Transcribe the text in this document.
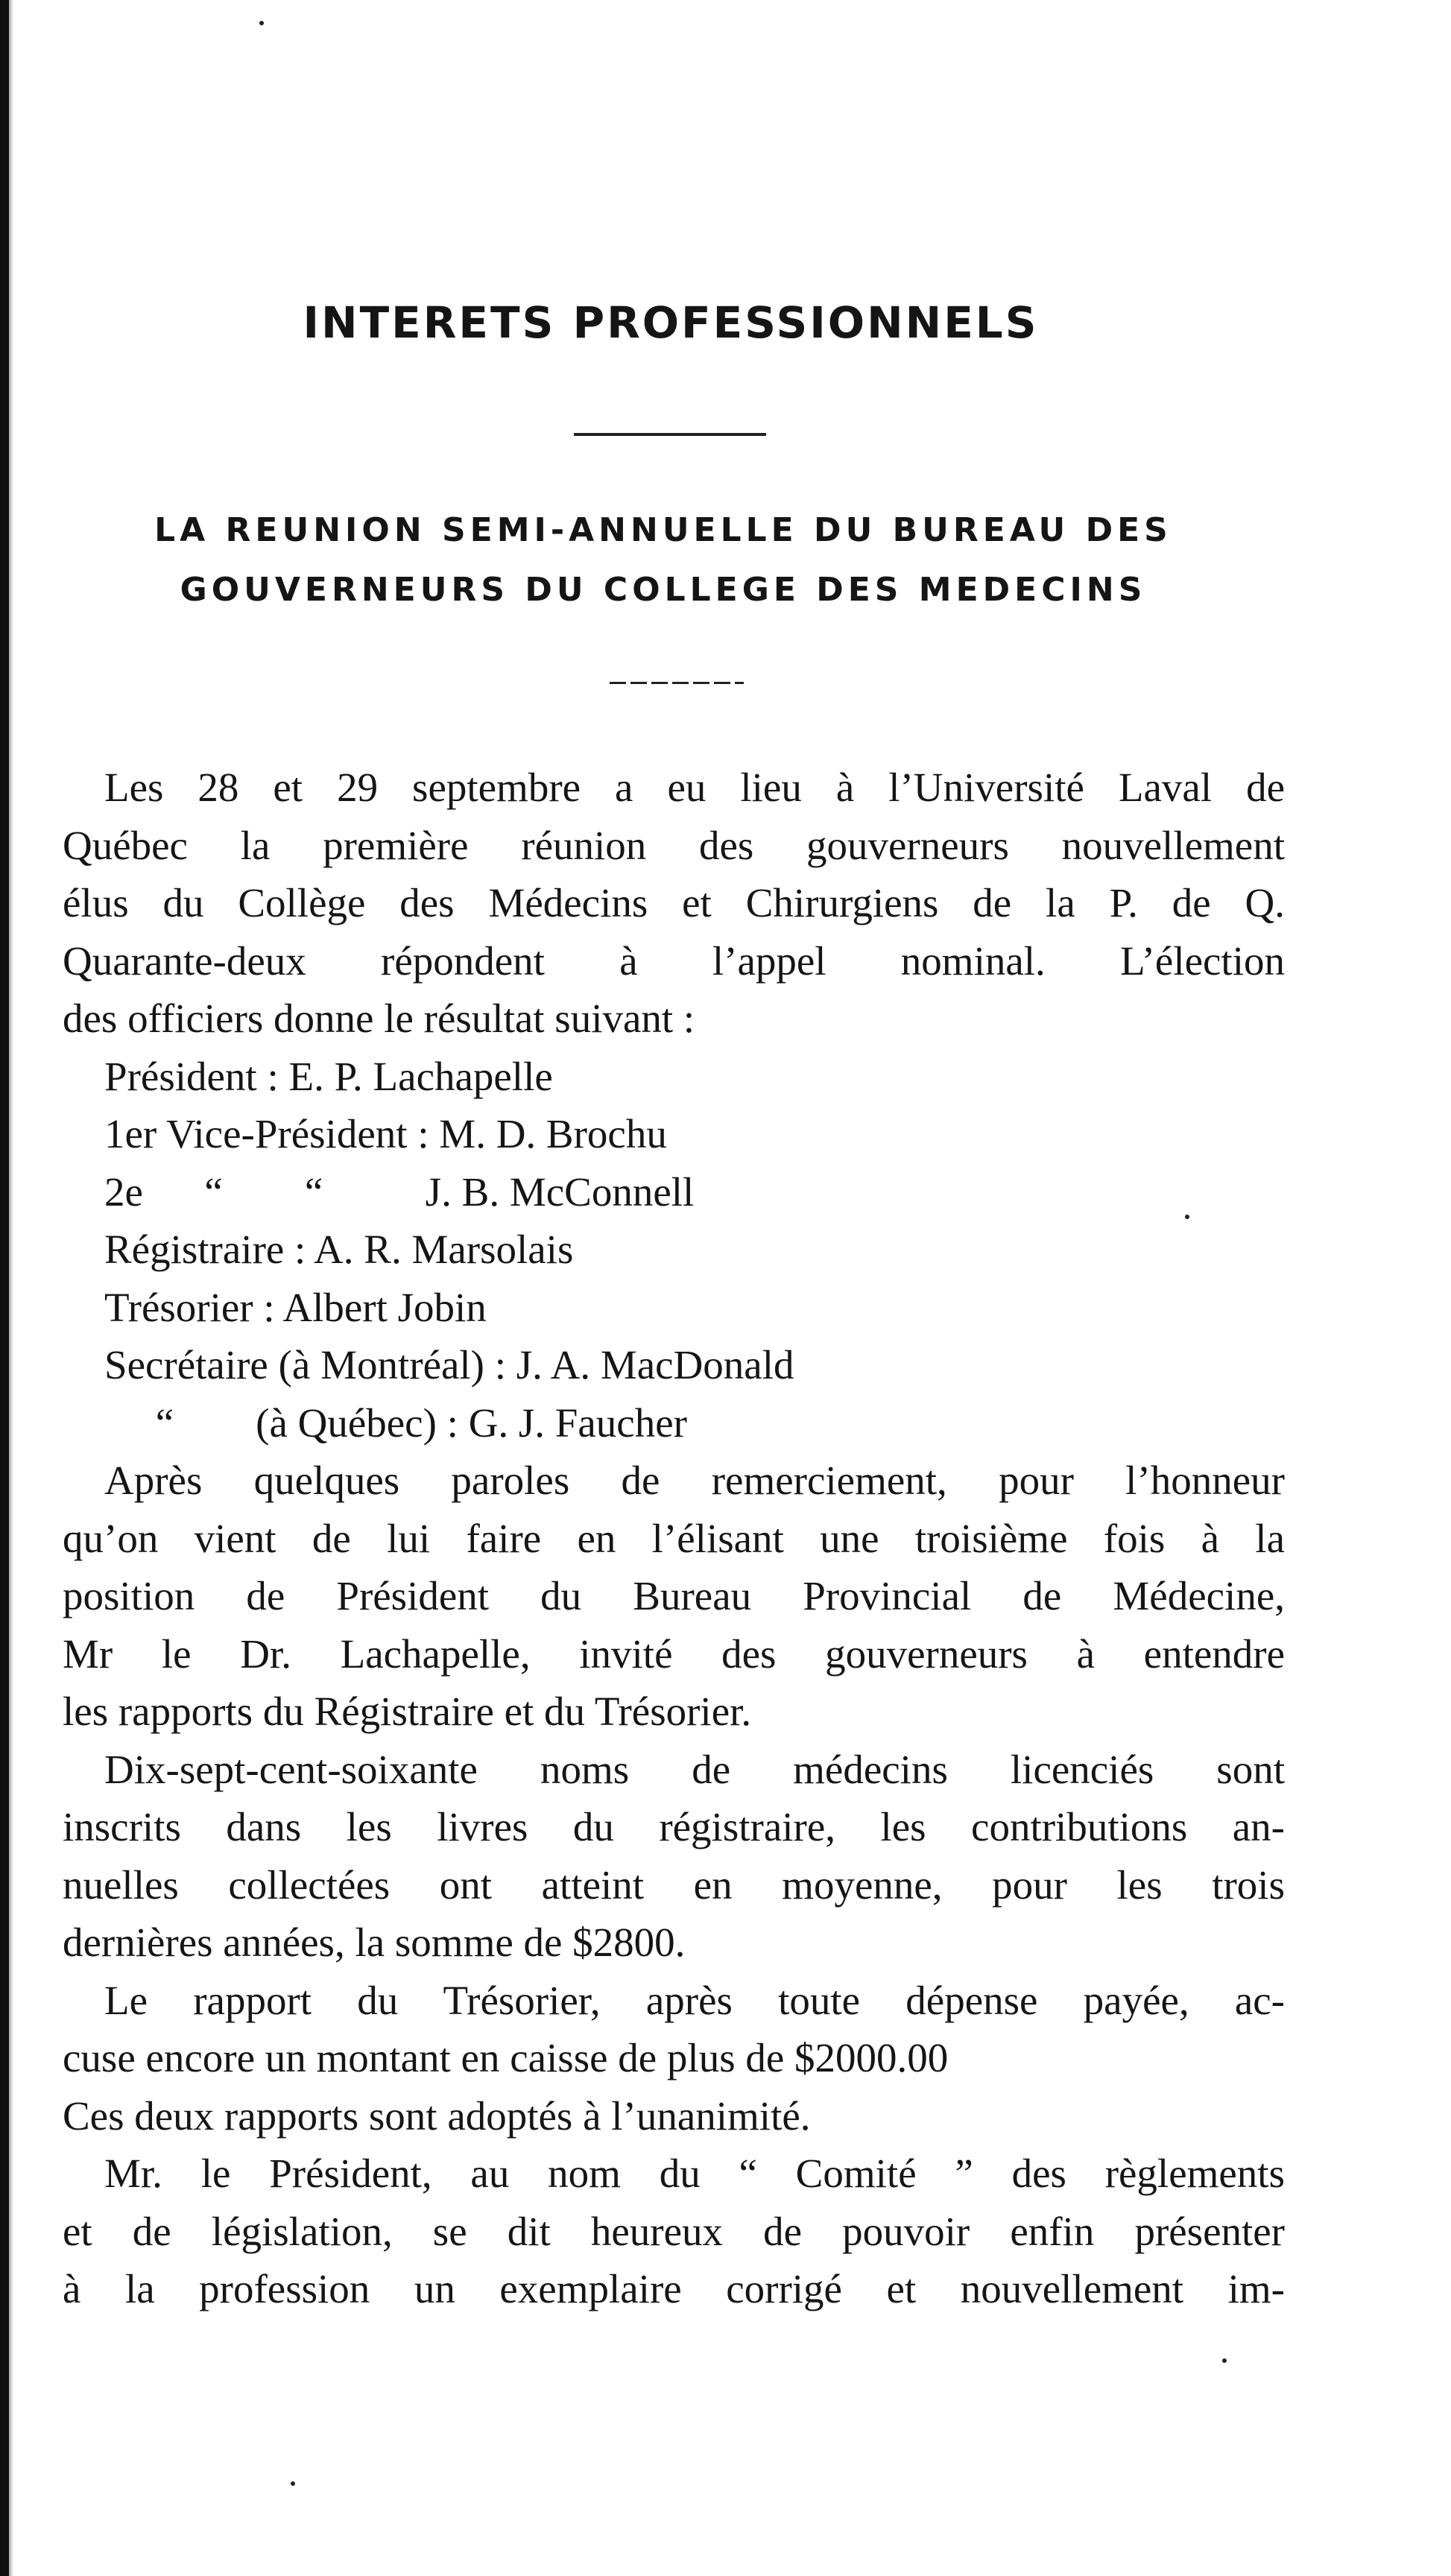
INTERETS PROFESSIONNELS
LA REUNION SEMI-ANNUELLE DU BUREAU DES
GOUVERNEURS DU COLLEGE DES MEDECINS
Les 28 et 29 septembre a eu lieu à l’Université Laval de
Québec la première réunion des gouverneurs nouvellement
élus du Collège des Médecins et Chirurgiens de la P. de Q.
Quarante-deux répondent à l’appel nominal. L’élection
des officiers donne le résultat suivant :
Président : E. P. Lachapelle
1er Vice-Président : M. D. Brochu
2e      “        “          J. B. McConnell
Régistraire : A. R. Marsolais
Trésorier : Albert Jobin
Secrétaire (à Montréal) : J. A. MacDonald
“        (à Québec) : G. J. Faucher
Après quelques paroles de remerciement, pour l’honneur
qu’on vient de lui faire en l’élisant une troisième fois à la
position de Président du Bureau Provincial de Médecine,
Mr le Dr. Lachapelle, invité des gouverneurs à entendre
les rapports du Régistraire et du Trésorier.
Dix-sept-cent-soixante noms de médecins licenciés sont
inscrits dans les livres du régistraire, les contributions an-
nuelles collectées ont atteint en moyenne, pour les trois
dernières années, la somme de $2800.
Le rapport du Trésorier, après toute dépense payée, ac-
cuse encore un montant en caisse de plus de $2000.00
Ces deux rapports sont adoptés à l’unanimité.
Mr. le Président, au nom du “ Comité ” des règlements
et de législation, se dit heureux de pouvoir enfin présenter
à la profession un exemplaire corrigé et nouvellement im-
